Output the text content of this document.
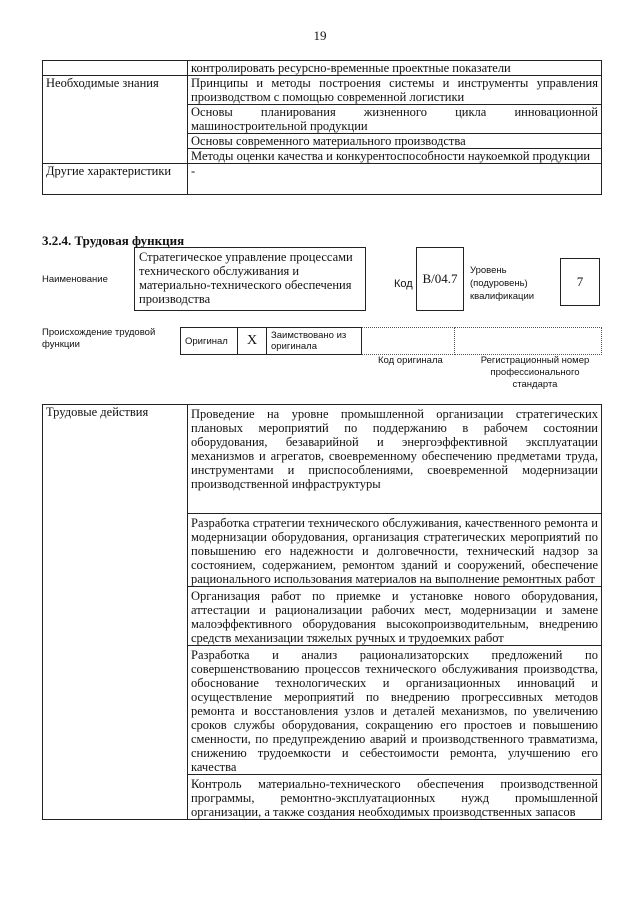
19
	контролировать ресурсно-временные проектные показатели
Необходимые знания	Принципы и методы построения системы и инструменты управления производством с помощью современной логистики
	Основы планирования жизненного цикла инновационной машиностроительной продукции
	Основы современного материального производства
	Методы оценки качества и конкурентоспособности наукоемкой продукции
Другие характеристики	-
3.2.4. Трудовая функция
Наименование
Стратегическое управление процессами технического обслуживания и материально-технического обеспечения производства
Код B/04.7
Уровень (подуровень) квалификации
7
Происхождение трудовой функции	Оригинал	X	Заимствовано из оригинала		
Код оригинала	Регистрационный номер профессионального стандарта
Трудовые действия	Проведение на уровне промышленной организации стратегических плановых мероприятий по поддержанию в рабочем состоянии оборудования, безаварийной и энергоэффективной эксплуатации механизмов и агрегатов, своевременному обеспечению предметами труда, инструментами и приспособлениями, своевременной модернизации производственной инфраструктуры
Разработка стратегии технического обслуживания, качественного ремонта и модернизации оборудования, организация стратегических мероприятий по повышению его надежности и долговечности, технический надзор за состоянием, содержанием, ремонтом зданий и сооружений, обеспечение рационального использования материалов на выполнение ремонтных работ
Организация работ по приемке и установке нового оборудования, аттестации и рационализации рабочих мест, модернизации и замене малоэффективного оборудования высокопроизводительным, внедрению средств механизации тяжелых ручных и трудоемких работ
Разработка и анализ рационализаторских предложений по совершенствованию процессов технического обслуживания производства, обоснование технологических и организационных инноваций и осуществление мероприятий по внедрению прогрессивных методов ремонта и восстановления узлов и деталей механизмов, по увеличению сроков службы оборудования, сокращению его простоев и повышению сменности, по предупреждению аварий и производственного травматизма, снижению трудоемкости и себестоимости ремонта, улучшению его качества
Контроль материально-технического обеспечения производственной программы, ремонтно-эксплуатационных нужд промышленной организации, а также создания необходимых производственных запасов
